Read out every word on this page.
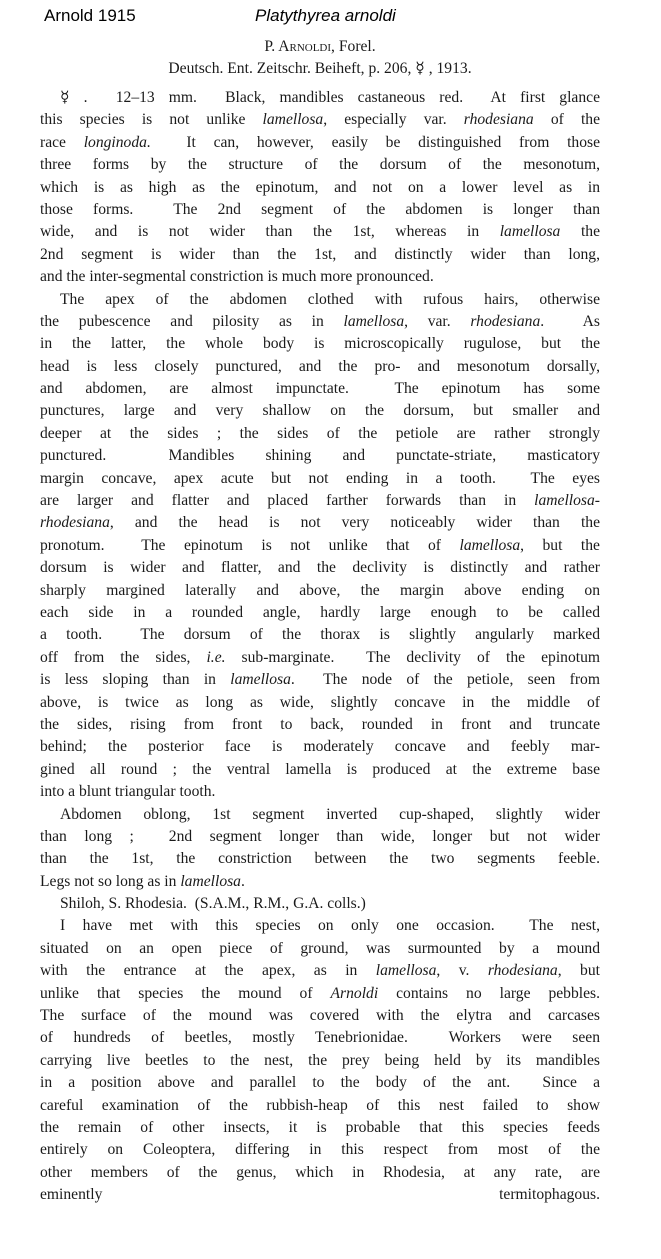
Arnold 1915	Platythyrea arnoldi
P. Arnoldi, Forel.
Deutsch. Ent. Zeitschr. Beiheft, p. 206, ☿ , 1913.
☿ .  12–13 mm.  Black, mandibles castaneous red.  At first glance
this species is not unlike lamellosa, especially var. rhodesiana of the
race longinoda.  It can, however, easily be distinguished from those
three forms by the structure of the dorsum of the mesonotum,
which is as high as the epinotum, and not on a lower level as in
those forms.  The 2nd segment of the abdomen is longer than
wide, and is not wider than the 1st, whereas in lamellosa the
2nd segment is wider than the 1st, and distinctly wider than long,
and the inter-segmental constriction is much more pronounced.
The apex of the abdomen clothed with rufous hairs, otherwise
the pubescence and pilosity as in lamellosa, var. rhodesiana.  As
in the latter, the whole body is microscopically rugulose, but the
head is less closely punctured, and the pro- and mesonotum dorsally,
and abdomen, are almost impunctate.  The epinotum has some
punctures, large and very shallow on the dorsum, but smaller and
deeper at the sides ; the sides of the petiole are rather strongly
punctured.  Mandibles shining and punctate-striate, masticatory
margin concave, apex acute but not ending in a tooth.  The eyes
are larger and flatter and placed farther forwards than in lamellosa-
rhodesiana, and the head is not very noticeably wider than the
pronotum.  The epinotum is not unlike that of lamellosa, but the
dorsum is wider and flatter, and the declivity is distinctly and rather
sharply margined laterally and above, the margin above ending on
each side in a rounded angle, hardly large enough to be called
a tooth.  The dorsum of the thorax is slightly angularly marked
off from the sides, i.e. sub-marginate.  The declivity of the epinotum
is less sloping than in lamellosa.  The node of the petiole, seen from
above, is twice as long as wide, slightly concave in the middle of
the sides, rising from front to back, rounded in front and truncate
behind; the posterior face is moderately concave and feebly mar-
gined all round ; the ventral lamella is produced at the extreme base
into a blunt triangular tooth.
Abdomen oblong, 1st segment inverted cup-shaped, slightly wider
than long ;  2nd segment longer than wide, longer but not wider
than the 1st, the constriction between the two segments feeble.
Legs not so long as in lamellosa.
Shiloh, S. Rhodesia.  (S.A.M., R.M., G.A. colls.)
I have met with this species on only one occasion.  The nest,
situated on an open piece of ground, was surmounted by a mound
with the entrance at the apex, as in lamellosa, v. rhodesiana, but
unlike that species the mound of Arnoldi contains no large pebbles.
The surface of the mound was covered with the elytra and carcases
of hundreds of beetles, mostly Tenebrionidae.  Workers were seen
carrying live beetles to the nest, the prey being held by its mandibles
in a position above and parallel to the body of the ant.  Since a
careful examination of the rubbish-heap of this nest failed to show
the remain of other insects, it is probable that this species feeds
entirely on Coleoptera, differing in this respect from most of the
other members of the genus, which in Rhodesia, at any rate, are
eminently termitophagous.
